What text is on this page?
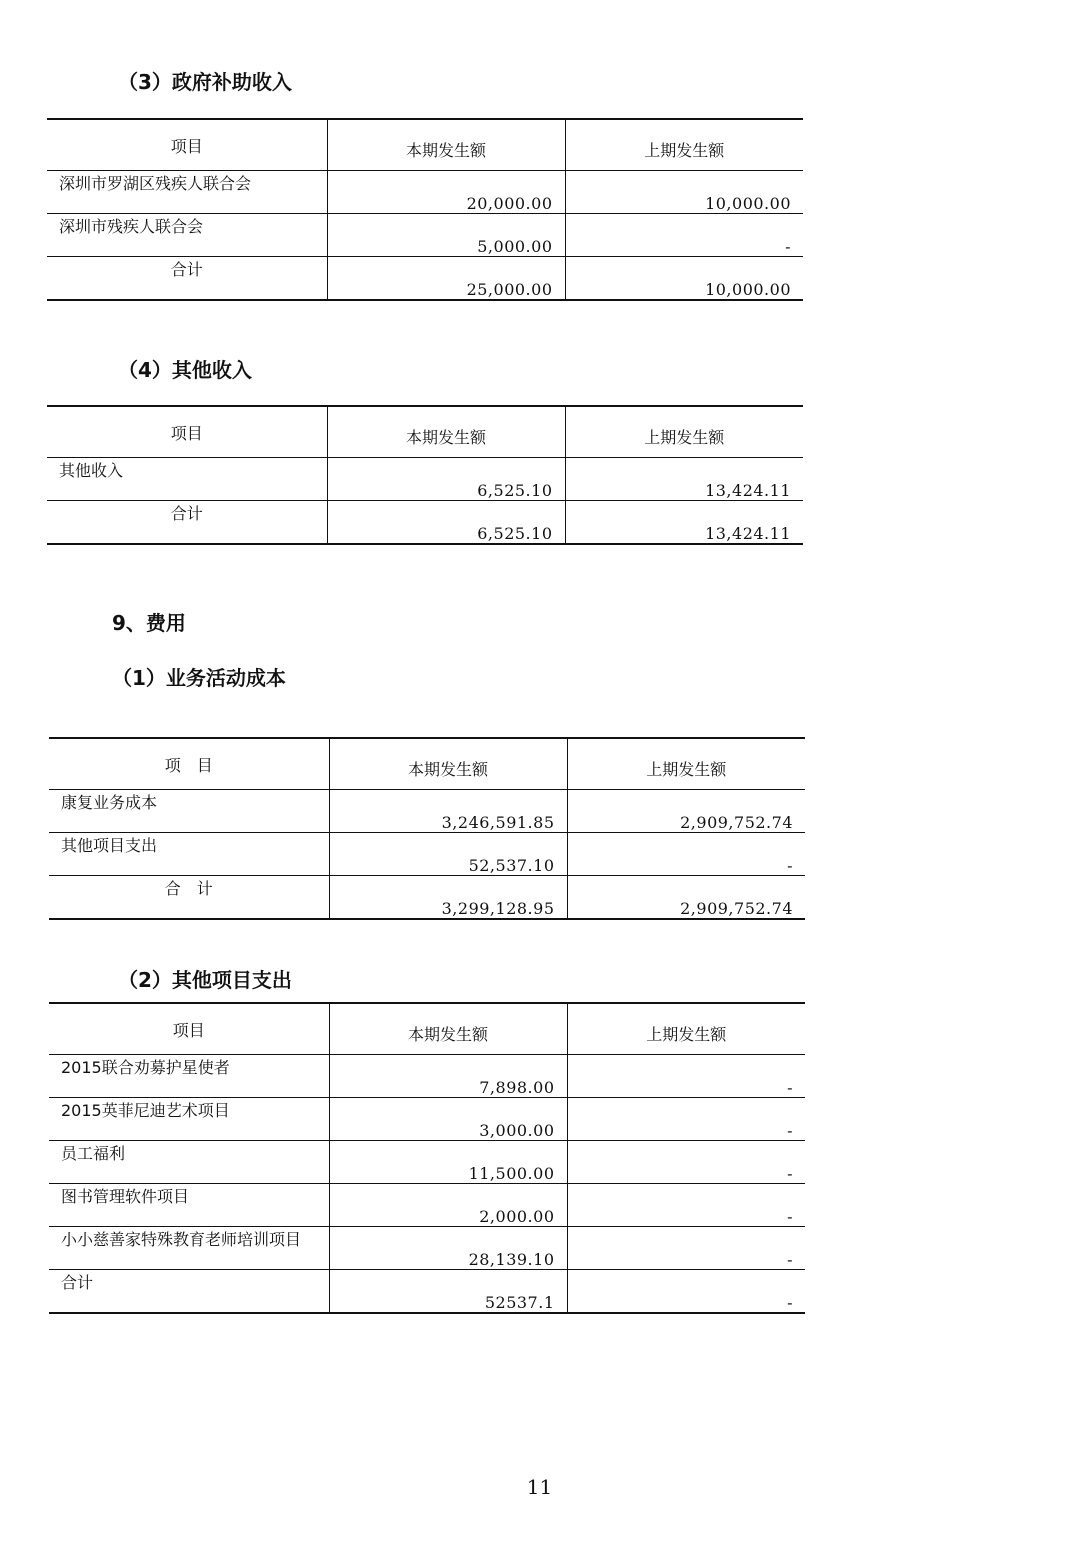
（3）政府补助收入
项目	本期发生额	上期发生额
深圳市罗湖区残疾人联合会	20,000.00	10,000.00
深圳市残疾人联合会	5,000.00	-
合计	25,000.00	10,000.00
（4）其他收入
项目	本期发生额	上期发生额
其他收入	6,525.10	13,424.11
合计	6,525.10	13,424.11
9、费用
（1）业务活动成本
项　目	本期发生额	上期发生额
康复业务成本	3,246,591.85	2,909,752.74
其他项目支出	52,537.10	-
合　计	3,299,128.95	2,909,752.74
（2）其他项目支出
项目	本期发生额	上期发生额
2015联合劝募护星使者	7,898.00	-
2015英菲尼迪艺术项目	3,000.00	-
员工福利	11,500.00	-
图书管理软件项目	2,000.00	-
小小慈善家特殊教育老师培训项目	28,139.10	-
合计	52537.1	-
11
